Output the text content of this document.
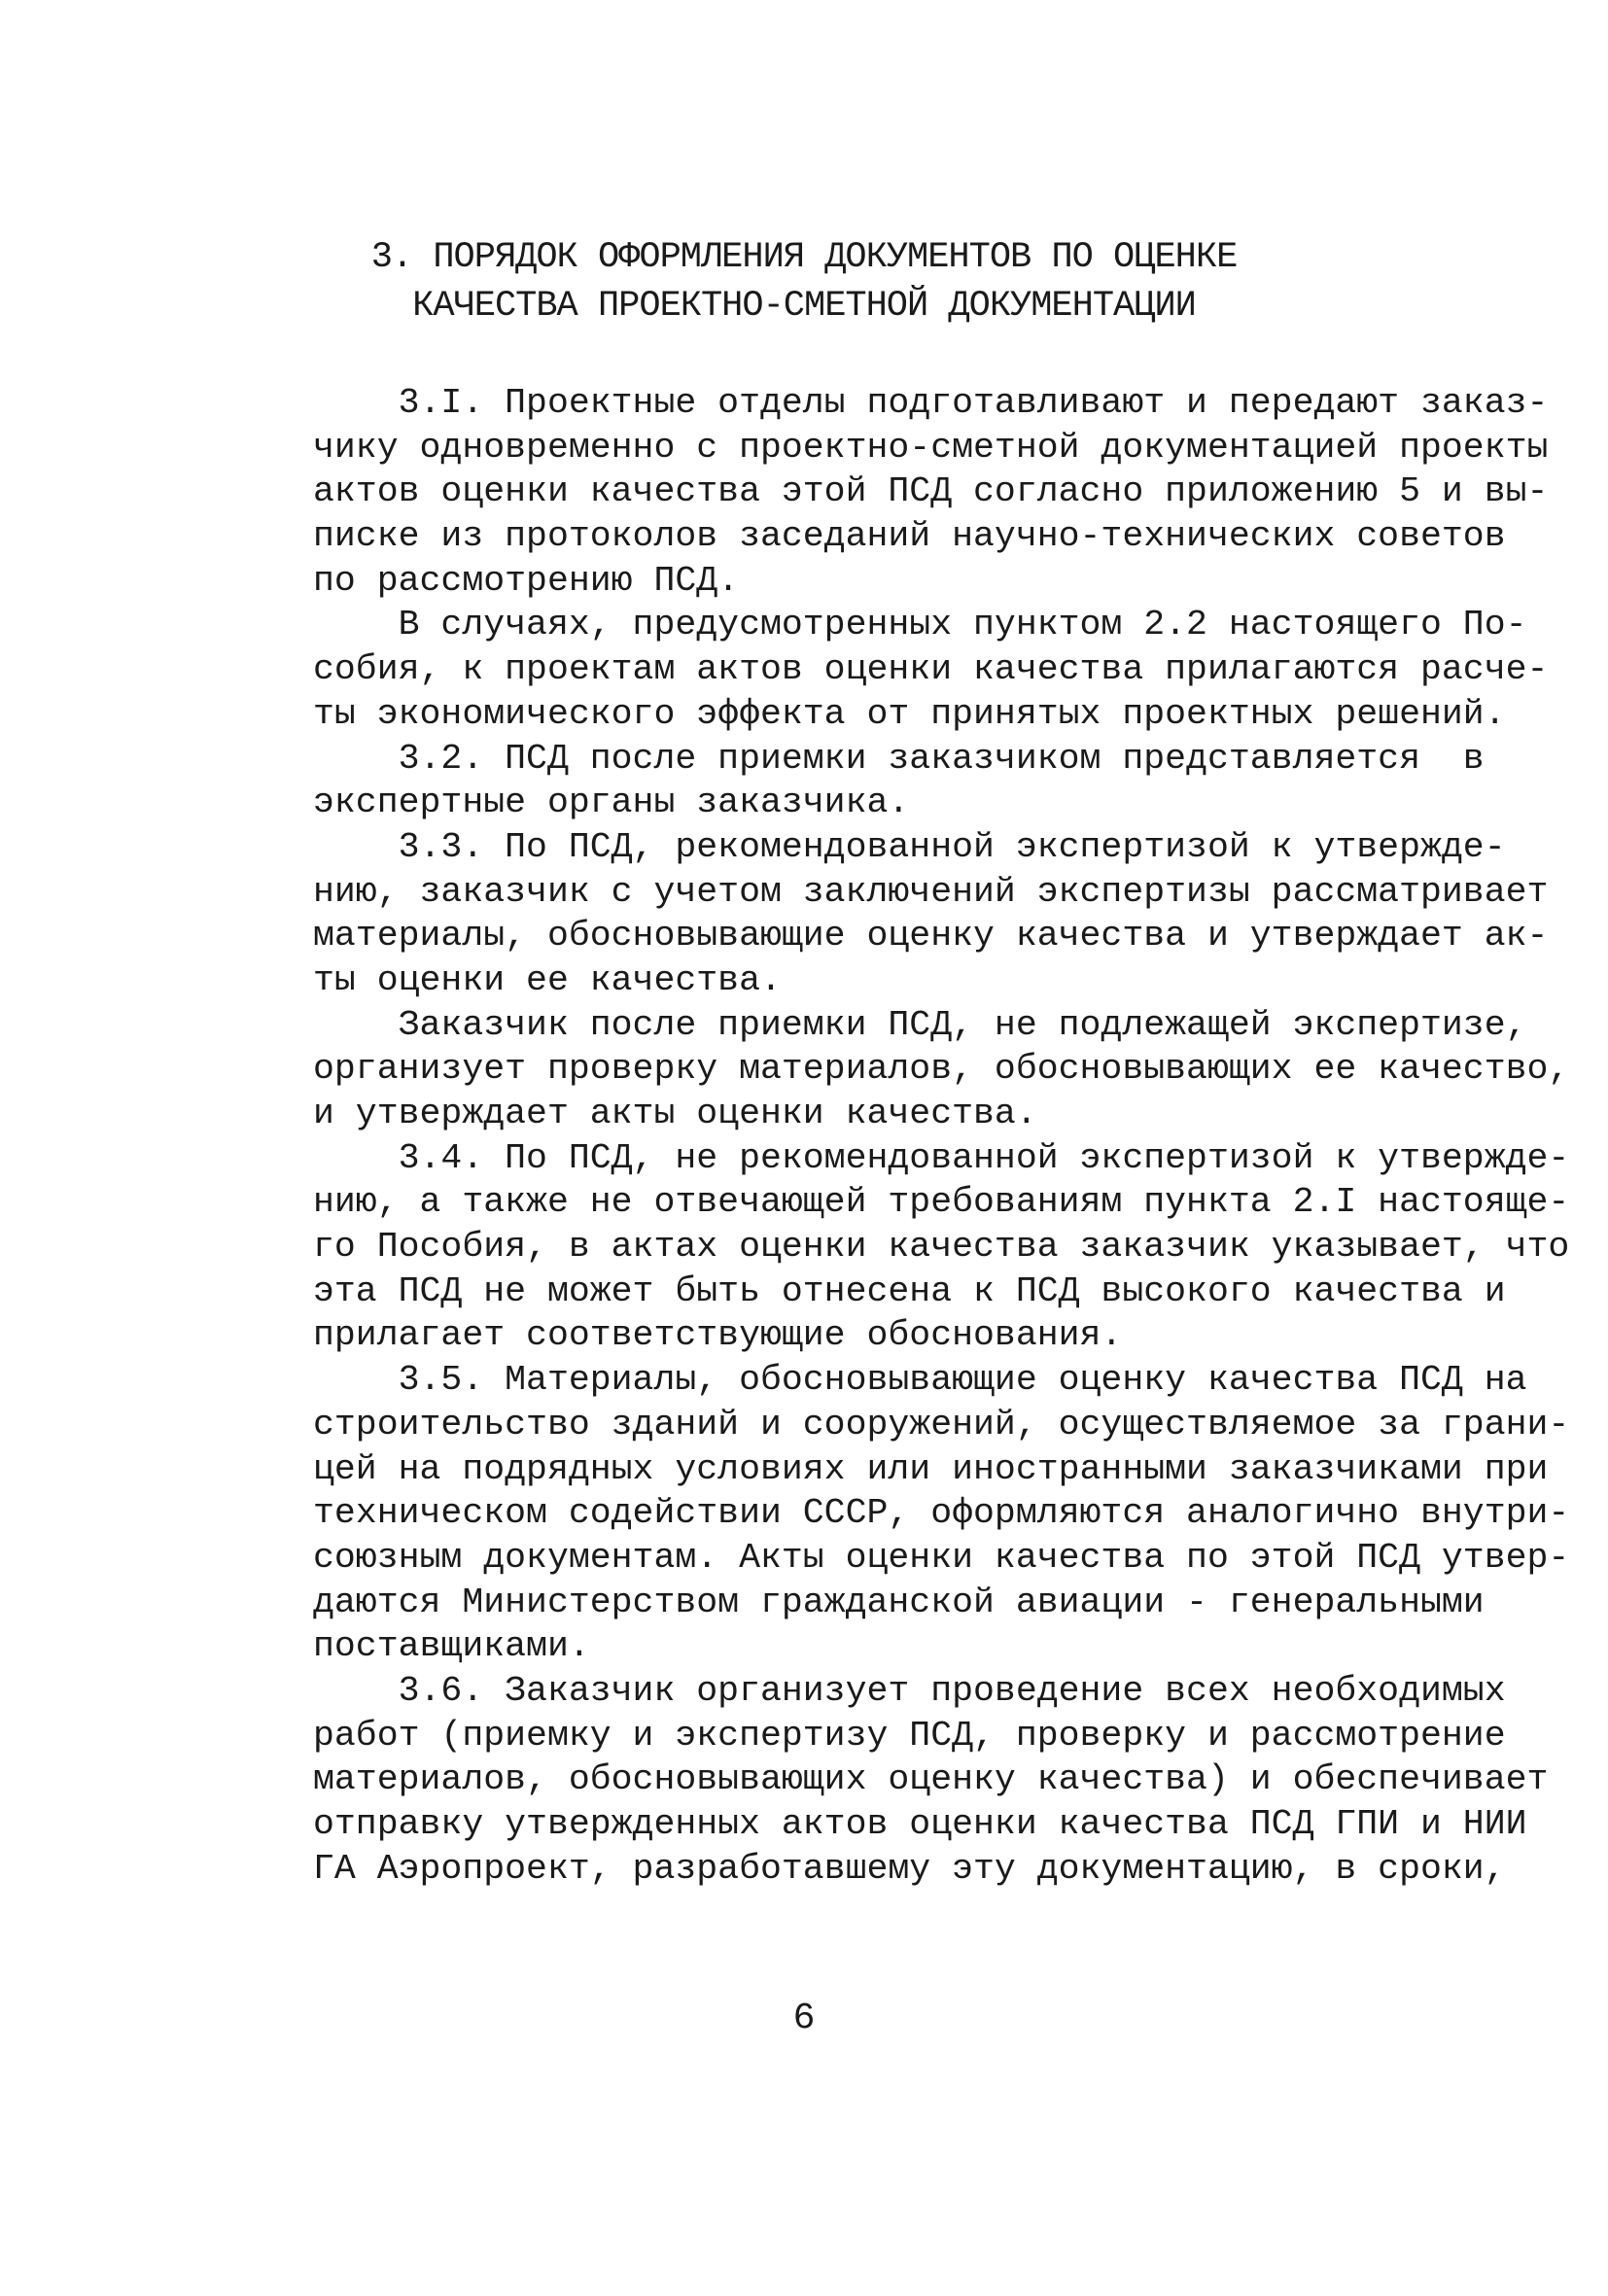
3. ПОРЯДОК ОФОРМЛЕНИЯ ДОКУМЕНТОВ ПО ОЦЕНКЕ
КАЧЕСТВА ПРОЕКТНО-СМЕТНОЙ ДОКУМЕНТАЦИИ
3.I. Проектные отделы подготавливают и передают заказ-
чику одновременно с проектно-сметной документацией проекты
актов оценки качества этой ПСД согласно приложению 5 и вы-
писке из протоколов заседаний научно-технических советов
по рассмотрению ПСД.
В случаях, предусмотренных пунктом 2.2 настоящего По-
собия, к проектам актов оценки качества прилагаются расче-
ты экономического эффекта от принятых проектных решений.
3.2. ПСД после приемки заказчиком представляется  в
экспертные органы заказчика.
3.3. По ПСД, рекомендованной экспертизой к утвержде-
нию, заказчик с учетом заключений экспертизы рассматривает
материалы, обосновывающие оценку качества и утверждает ак-
ты оценки ее качества.
Заказчик после приемки ПСД, не подлежащей экспертизе,
организует проверку материалов, обосновывающих ее качество,
и утверждает акты оценки качества.
3.4. По ПСД, не рекомендованной экспертизой к утвержде-
нию, а также не отвечающей требованиям пункта 2.I настояще-
го Пособия, в актах оценки качества заказчик указывает, что
эта ПСД не может быть отнесена к ПСД высокого качества и
прилагает соответствующие обоснования.
3.5. Материалы, обосновывающие оценку качества ПСД на
строительство зданий и сооружений, осуществляемое за грани-
цей на подрядных условиях или иностранными заказчиками при
техническом содействии СССР, оформляются аналогично внутри-
союзным документам. Акты оценки качества по этой ПСД утвер-
даются Министерством гражданской авиации - генеральными
поставщиками.
3.6. Заказчик организует проведение всех необходимых
работ (приемку и экспертизу ПСД, проверку и рассмотрение
материалов, обосновывающих оценку качества) и обеспечивает
отправку утвержденных актов оценки качества ПСД ГПИ и НИИ
ГА Аэропроект, разработавшему эту документацию, в сроки,
6
